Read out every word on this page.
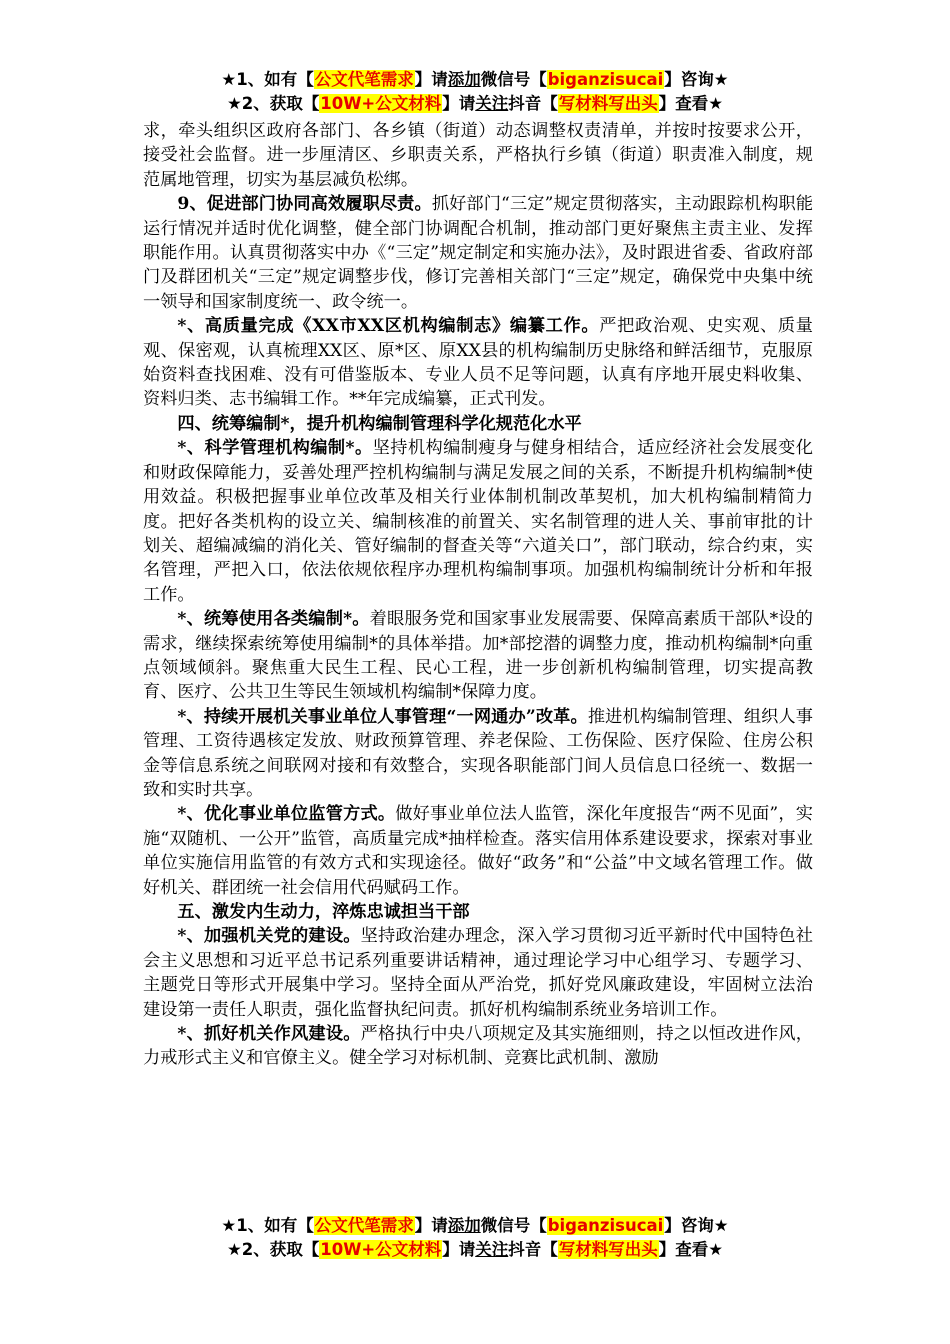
★1、如有【公文代笔需求】请添加微信号【biganzisucai】咨询★
★2、获取【10W+公文材料】请关注抖音【写材料写出头】查看★

求，牵头组织区政府各部门、各乡镇（街道）动态调整权责清单，并按时按要求公开，接受社会监督。进一步厘清区、乡职责关系，严格执行乡镇（街道）职责准入制度，规范属地管理，切实为基层减负松绑。

9、促进部门协同高效履职尽责。抓好部门“三定”规定贯彻落实，主动跟踪机构职能运行情况并适时优化调整，健全部门协调配合机制，推动部门更好聚焦主责主业、发挥职能作用。认真贯彻落实中办《“三定”规定制定和实施办法》，及时跟进省委、省政府部门及群团机关“三定”规定调整步伐，修订完善相关部门“三定”规定，确保党中央集中统一领导和国家制度统一、政令统一。

*、高质量完成《XX市XX区机构编制志》编纂工作。严把政治观、史实观、质量观、保密观，认真梳理XX区、原*区、原XX县的机构编制历史脉络和鲜活细节，克服原始资料查找困难、没有可借鉴版本、专业人员不足等问题，认真有序地开展史料收集、资料归类、志书编辑工作。**年完成编纂，正式刊发。

四、统筹编制*，提升机构编制管理科学化规范化水平

*、科学管理机构编制*。坚持机构编制瘦身与健身相结合，适应经济社会发展变化和财政保障能力，妥善处理严控机构编制与满足发展之间的关系，不断提升机构编制*使用效益。积极把握事业单位改革及相关行业体制机制改革契机，加大机构编制精简力度。把好各类机构的设立关、编制核准的前置关、实名制管理的进人关、事前审批的计划关、超编减编的消化关、管好编制的督查关等“六道关口”，部门联动，综合约束，实名管理，严把入口，依法依规依程序办理机构编制事项。加强机构编制统计分析和年报工作。

*、统筹使用各类编制*。着眼服务党和国家事业发展需要、保障高素质干部队*设的需求，继续探索统筹使用编制*的具体举措。加*部挖潜的调整力度，推动机构编制*向重点领域倾斜。聚焦重大民生工程、民心工程，进一步创新机构编制管理，切实提高教育、医疗、公共卫生等民生领域机构编制*保障力度。

*、持续开展机关事业单位人事管理“一网通办”改革。推进机构编制管理、组织人事管理、工资待遇核定发放、财政预算管理、养老保险、工伤保险、医疗保险、住房公积金等信息系统之间联网对接和有效整合，实现各职能部门间人员信息口径统一、数据一致和实时共享。

*、优化事业单位监管方式。做好事业单位法人监管，深化年度报告“两不见面”，实施“双随机、一公开”监管，高质量完成*抽样检查。落实信用体系建设要求，探索对事业单位实施信用监管的有效方式和实现途径。做好“政务”和“公益”中文域名管理工作。做好机关、群团统一社会信用代码赋码工作。

五、激发内生动力，淬炼忠诚担当干部

*、加强机关党的建设。坚持政治建办理念，深入学习贯彻习近平新时代中国特色社会主义思想和习近平总书记系列重要讲话精神，通过理论学习中心组学习、专题学习、主题党日等形式开展集中学习。坚持全面从严治党，抓好党风廉政建设，牢固树立法治建设第一责任人职责，强化监督执纪问责。抓好机构编制系统业务培训工作。

*、抓好机关作风建设。严格执行中央八项规定及其实施细则，持之以恒改进作风，力戒形式主义和官僚主义。健全学习对标机制、竞赛比武机制、激励

★1、如有【公文代笔需求】请添加微信号【biganzisucai】咨询★
★2、获取【10W+公文材料】请关注抖音【写材料写出头】查看★
